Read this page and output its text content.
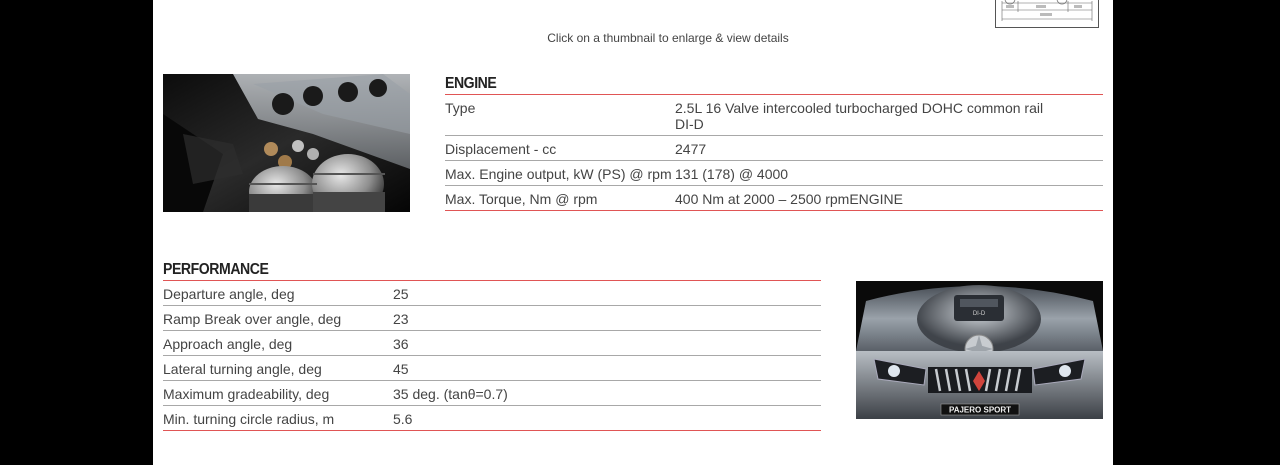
Click on a thumbnail to enlarge & view details
ENGINE
Type	2.5L 16 Valve intercooled turbocharged DOHC common rail DI-D
Displacement - cc	2477
Max. Engine output, kW (PS) @ rpm	131 (178) @ 4000
Max. Torque, Nm @ rpm	400 Nm at 2000 – 2500 rpmENGINE
PERFORMANCE
Departure angle, deg	25
Ramp Break over angle, deg	23
Approach angle, deg	36
Lateral turning angle, deg	45
Maximum gradeability, deg	35 deg. (tanθ=0.7)
Min. turning circle radius, m	5.6
DI-D
PAJERO SPORT
